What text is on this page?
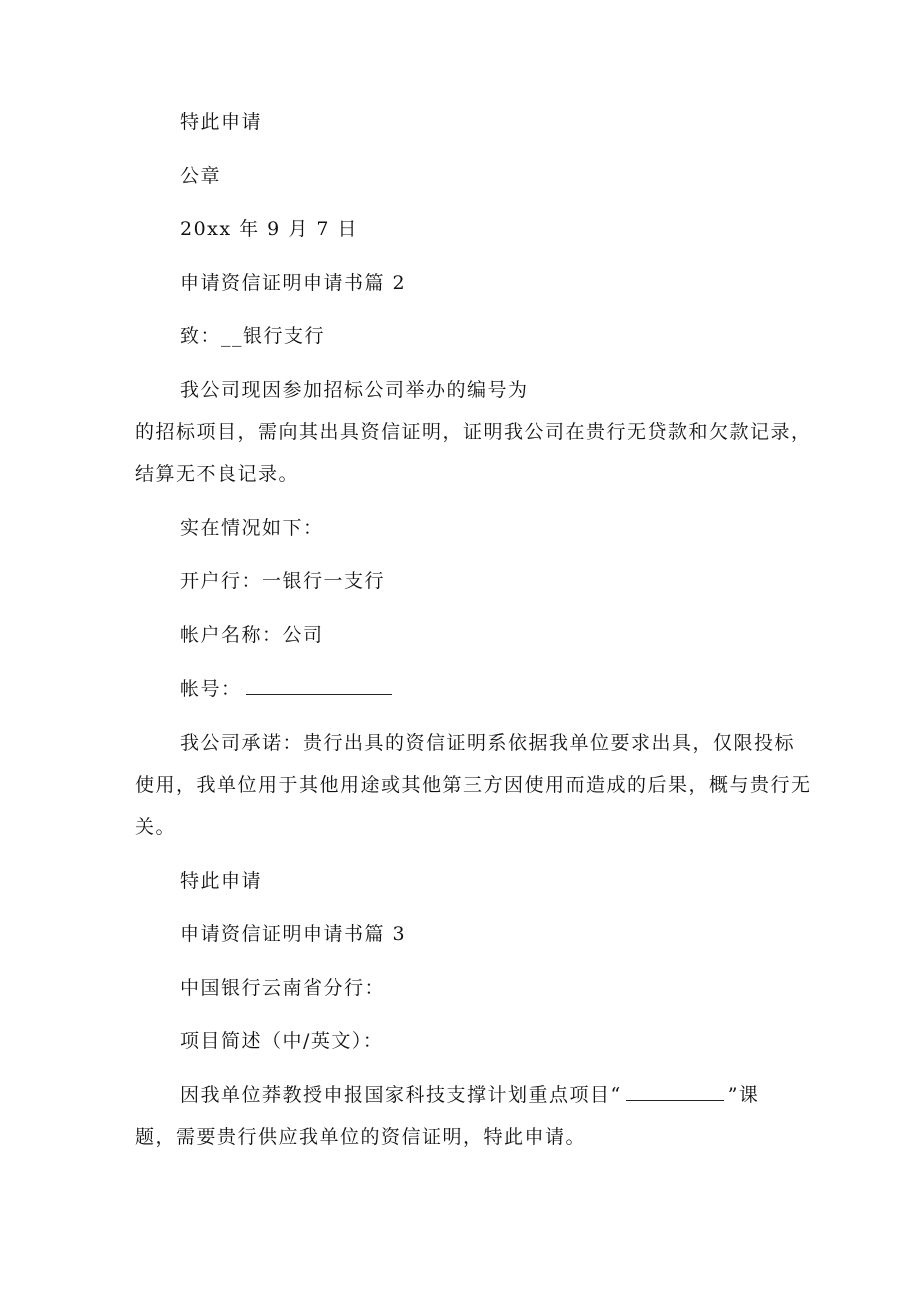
特此申请
公章
20xx 年 9 月 7 日
申请资信证明申请书篇 2
致：__银行支行
我公司现因参加招标公司举办的编号为
的招标项目，需向其出具资信证明，证明我公司在贵行无贷款和欠款记录，
结算无不良记录。
实在情况如下：
开户行：一银行一支行
帐户名称：公司
帐号：
我公司承诺：贵行出具的资信证明系依据我单位要求出具，仅限投标
使用，我单位用于其他用途或其他第三方因使用而造成的后果，概与贵行无
关。
特此申请
申请资信证明申请书篇 3
中国银行云南省分行：
项目简述（中/英文）：
因我单位莽教授申报国家科技支撑计划重点项目“	”课
题，需要贵行供应我单位的资信证明，特此申请。
